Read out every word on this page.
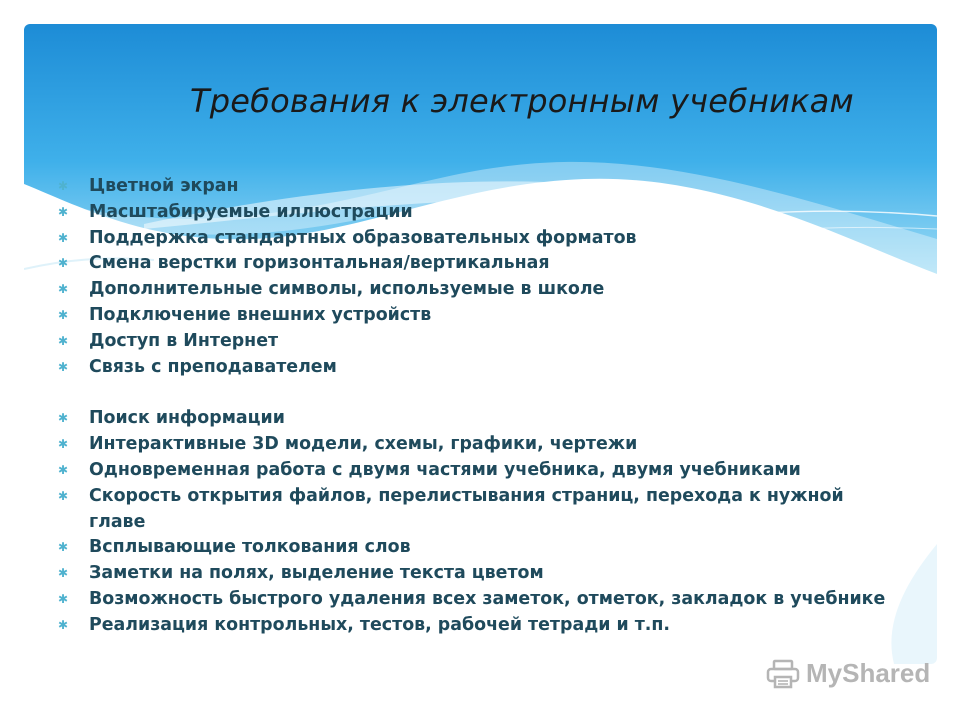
Требования к электронным учебникам
✱ Цветной экран
✱ Масштабируемые иллюстрации
✱ Поддержка стандартных образовательных форматов
✱ Смена верстки горизонтальная/вертикальная
✱ Дополнительные символы, используемые в школе
✱ Подключение внешних устройств
✱ Доступ в Интернет
✱ Связь с преподавателем
✱ Поиск информации
✱ Интерактивные 3D модели, схемы, графики, чертежи
✱ Одновременная работа с двумя частями учебника, двумя учебниками
✱ Скорость открытия файлов, перелистывания страниц, перехода к нужной главе
✱ Всплывающие толкования слов
✱ Заметки на полях, выделение текста цветом
✱ Возможность быстрого удаления всех заметок, отметок, закладок в учебнике
✱ Реализация контрольных, тестов, рабочей тетради и т.п.
MyShared
